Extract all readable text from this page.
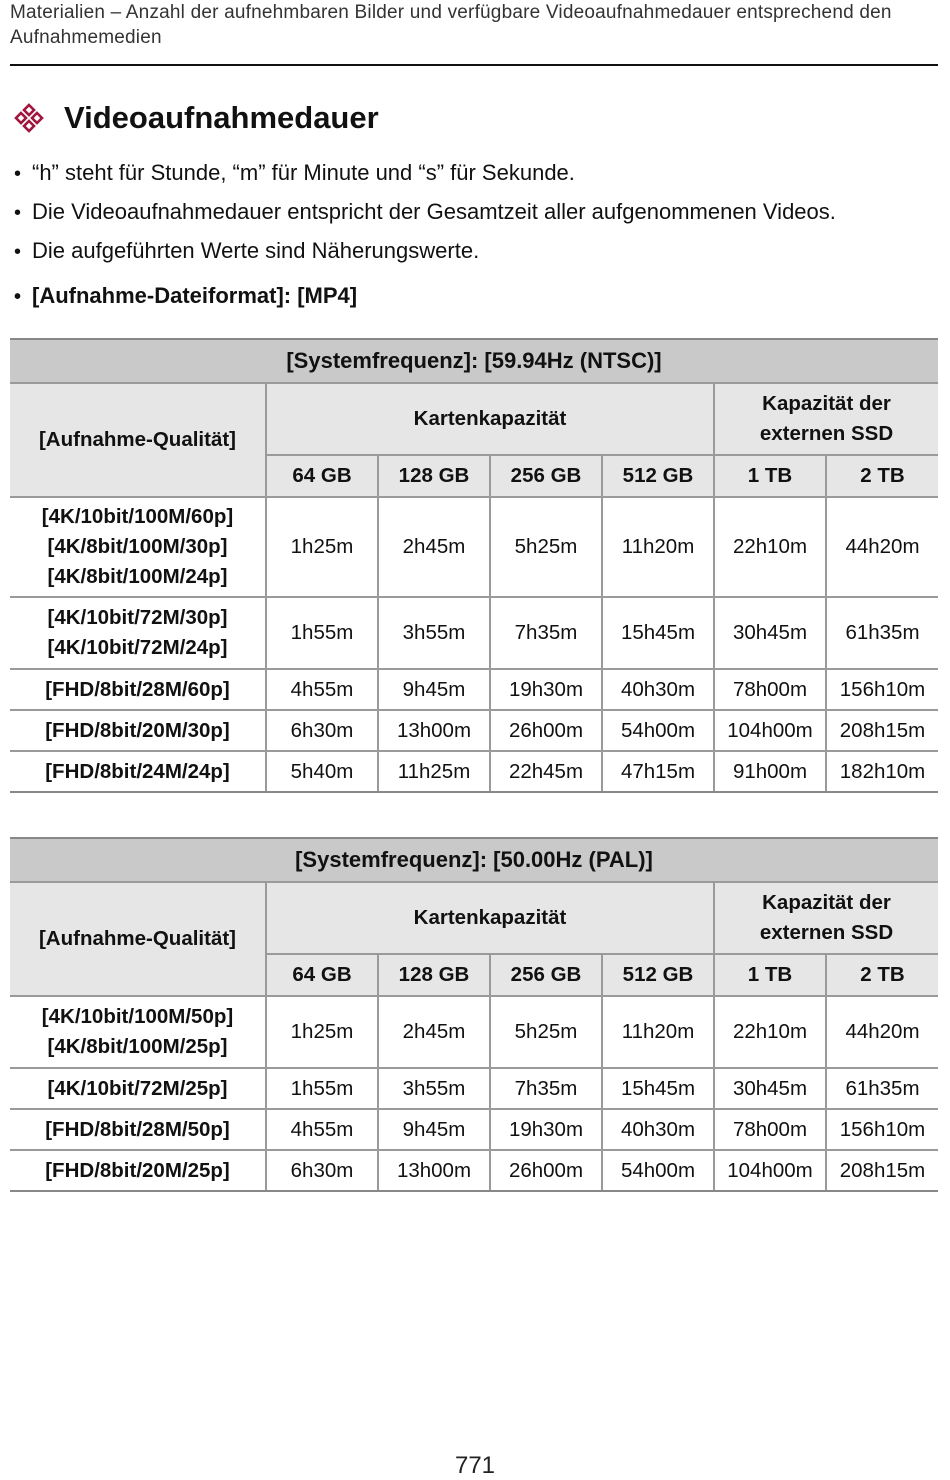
Materialien – Anzahl der aufnehmbaren Bilder und verfügbare Videoaufnahmedauer entsprechend den Aufnahmemedien
Videoaufnahmedauer
• “h” steht für Stunde, “m” für Minute und “s” für Sekunde.
• Die Videoaufnahmedauer entspricht der Gesamtzeit aller aufgenommenen Videos.
• Die aufgeführten Werte sind Näherungswerte.
• [Aufnahme-Dateiformat]: [MP4]
[Systemfrequenz]: [59.94Hz (NTSC)]						
[Aufnahme-Qualität]	Kartenkapazität				Kapazität der externen SSD	
	64 GB	128 GB	256 GB	512 GB	1 TB	2 TB

[4K/10bit/100M/60p]
[4K/8bit/100M/30p]
[4K/8bit/100M/24p]	1h25m	2h45m	5h25m	11h20m	22h10m	44h20m

[4K/10bit/72M/30p]
[4K/10bit/72M/24p]	1h55m	3h55m	7h35m	15h45m	30h45m	61h35m

[FHD/8bit/28M/60p]	4h55m	9h45m	19h30m	40h30m	78h00m	156h10m

[FHD/8bit/20M/30p]	6h30m	13h00m	26h00m	54h00m	104h00m	208h15m

[FHD/8bit/24M/24p]	5h40m	11h25m	22h45m	47h15m	91h00m	182h10m
[Systemfrequenz]: [50.00Hz (PAL)]						
[Aufnahme-Qualität]	Kartenkapazität				Kapazität der externen SSD	
	64 GB	128 GB	256 GB	512 GB	1 TB	2 TB

[4K/10bit/100M/50p]
[4K/8bit/100M/25p]	1h25m	2h45m	5h25m	11h20m	22h10m	44h20m

[4K/10bit/72M/25p]	1h55m	3h55m	7h35m	15h45m	30h45m	61h35m

[FHD/8bit/28M/50p]	4h55m	9h45m	19h30m	40h30m	78h00m	156h10m

[FHD/8bit/20M/25p]	6h30m	13h00m	26h00m	54h00m	104h00m	208h15m
771
